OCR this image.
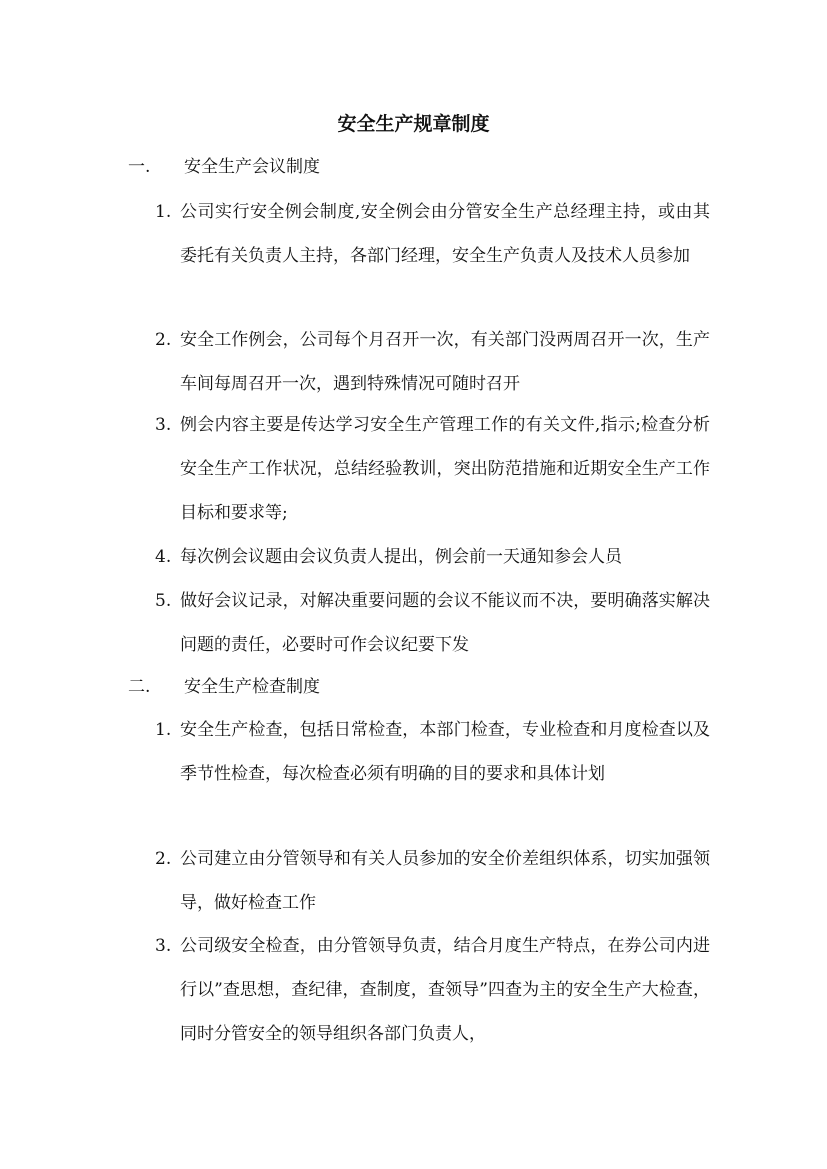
安全生产规章制度
一. 安全生产会议制度
1. 公司实行安全例会制度,安全例会由分管安全生产总经理主持，或由其委托有关负责人主持，各部门经理，安全生产负责人及技术人员参加
2. 安全工作例会，公司每个月召开一次，有关部门没两周召开一次，生产车间每周召开一次，遇到特殊情况可随时召开
3. 例会内容主要是传达学习安全生产管理工作的有关文件,指示;检查分析安全生产工作状况，总结经验教训，突出防范措施和近期安全生产工作目标和要求等;
4. 每次例会议题由会议负责人提出，例会前一天通知参会人员
5. 做好会议记录，对解决重要问题的会议不能议而不决，要明确落实解决问题的责任，必要时可作会议纪要下发
二. 安全生产检查制度
1. 安全生产检查，包括日常检查，本部门检查，专业检查和月度检查以及季节性检查，每次检查必须有明确的目的要求和具体计划
2. 公司建立由分管领导和有关人员参加的安全价差组织体系，切实加强领导，做好检查工作
3. 公司级安全检查，由分管领导负责，结合月度生产特点，在券公司内进行以”查思想，查纪律，查制度，查领导”四查为主的安全生产大检查，同时分管安全的领导组织各部门负责人，
